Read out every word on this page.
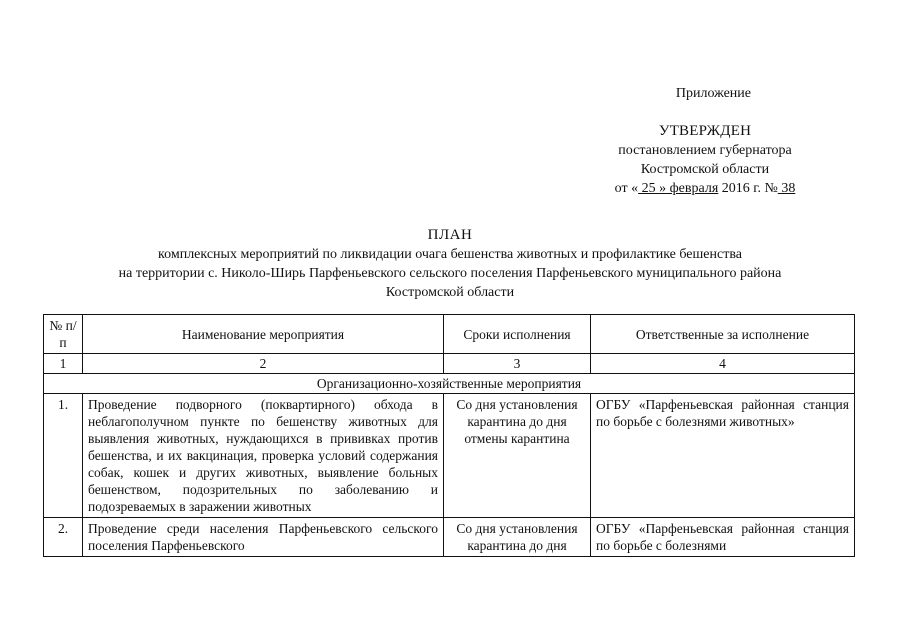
Приложение
УТВЕРЖДЕН
постановлением губернатора
Костромской области
от « 25 » февраля 2016 г. № 38
ПЛАН
комплексных мероприятий по ликвидации очага бешенства животных и профилактике бешенства
на территории с. Николо-Ширь Парфеньевского сельского поселения Парфеньевского муниципального района
Костромской области
№ п/п	Наименование мероприятия	Сроки исполнения	Ответственные за исполнение
1	2	3	4
Организационно-хозяйственные мероприятия			
1.	Проведение подворного (поквартирного) обхода в неблагополучном пункте по бешенству животных для выявления животных, нуждающихся в прививках против бешенства, и их вакцинация, проверка условий содержания собак, кошек и других животных, выявление больных бешенством, подозрительных по заболеванию и подозреваемых в заражении животных	Со дня установления карантина до дня отмены карантина	ОГБУ «Парфеньевская районная станция по борьбе с болезнями животных»

2.	Проведение среди населения Парфеньевского сельского поселения Парфеньевского	Со дня установления карантина до дня	ОГБУ «Парфеньевская районная станция по борьбе с болезнями
